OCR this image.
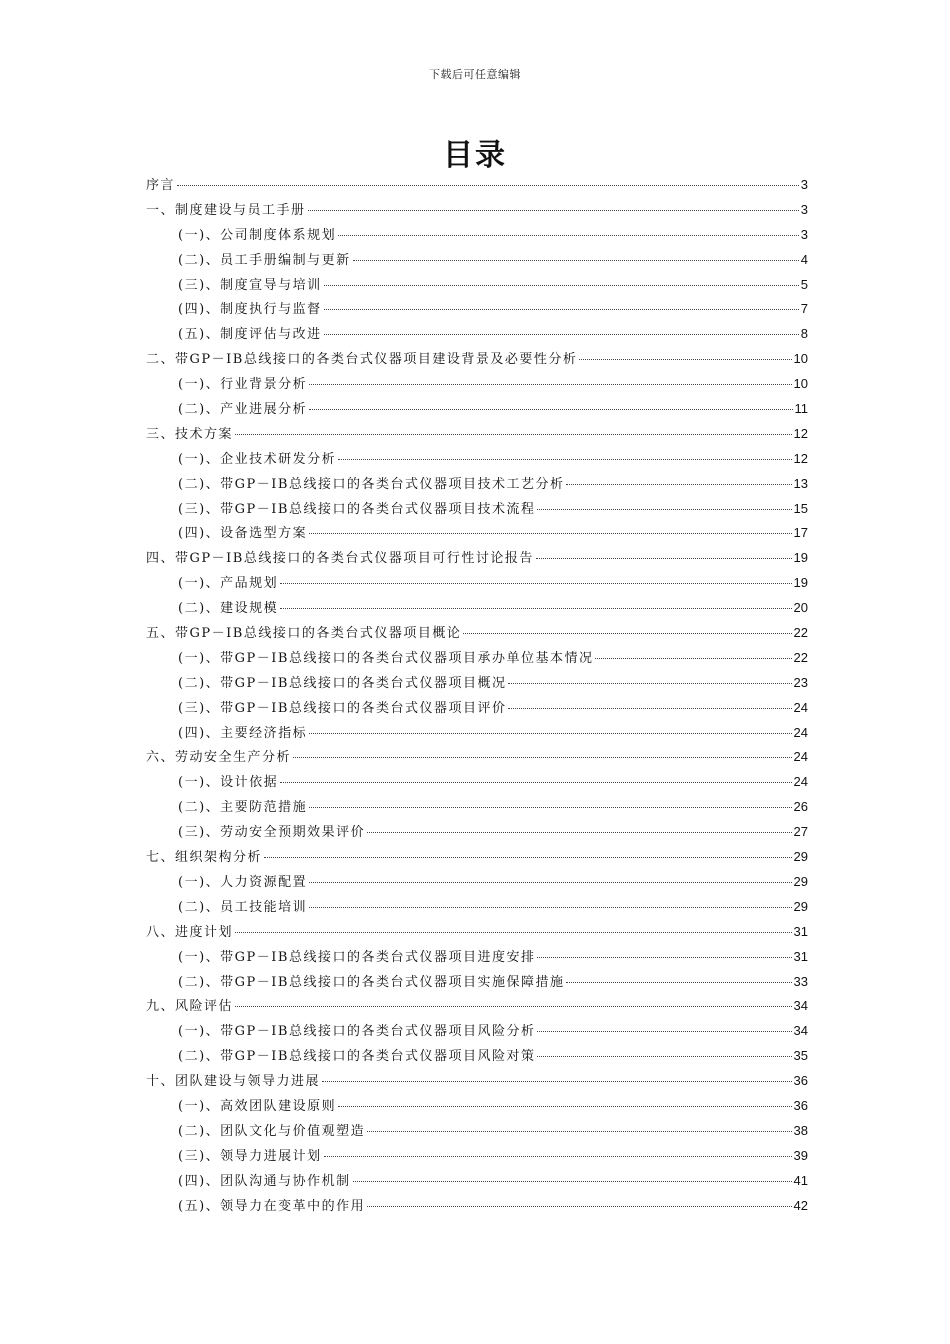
下载后可任意编辑
目录
序言	3
一、制度建设与员工手册	3
(一)、公司制度体系规划	3
(二)、员工手册编制与更新	4
(三)、制度宣导与培训	5
(四)、制度执行与监督	7
(五)、制度评估与改进	8
二、带GP－IB总线接口的各类台式仪器项目建设背景及必要性分析	10
(一)、行业背景分析	10
(二)、产业进展分析	11
三、技术方案	12
(一)、企业技术研发分析	12
(二)、带GP－IB总线接口的各类台式仪器项目技术工艺分析	13
(三)、带GP－IB总线接口的各类台式仪器项目技术流程	15
(四)、设备选型方案	17
四、带GP－IB总线接口的各类台式仪器项目可行性讨论报告	19
(一)、产品规划	19
(二)、建设规模	20
五、带GP－IB总线接口的各类台式仪器项目概论	22
(一)、带GP－IB总线接口的各类台式仪器项目承办单位基本情况	22
(二)、带GP－IB总线接口的各类台式仪器项目概况	23
(三)、带GP－IB总线接口的各类台式仪器项目评价	24
(四)、主要经济指标	24
六、劳动安全生产分析	24
(一)、设计依据	24
(二)、主要防范措施	26
(三)、劳动安全预期效果评价	27
七、组织架构分析	29
(一)、人力资源配置	29
(二)、员工技能培训	29
八、进度计划	31
(一)、带GP－IB总线接口的各类台式仪器项目进度安排	31
(二)、带GP－IB总线接口的各类台式仪器项目实施保障措施	33
九、风险评估	34
(一)、带GP－IB总线接口的各类台式仪器项目风险分析	34
(二)、带GP－IB总线接口的各类台式仪器项目风险对策	35
十、团队建设与领导力进展	36
(一)、高效团队建设原则	36
(二)、团队文化与价值观塑造	38
(三)、领导力进展计划	39
(四)、团队沟通与协作机制	41
(五)、领导力在变革中的作用	42
